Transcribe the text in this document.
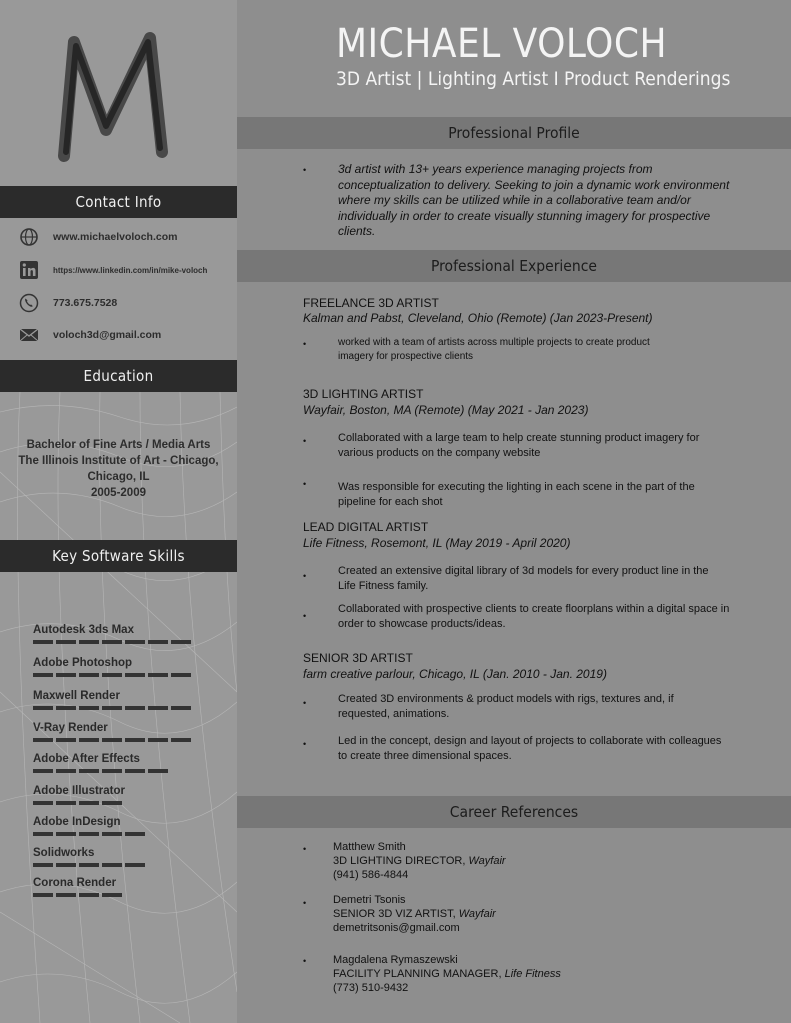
Contact Info
www.michaelvoloch.com
https://www.linkedin.com/in/mike-voloch
773.675.7528
voloch3d@gmail.com
Education
Bachelor of Fine Arts / Media Arts
The Illinois Institute of Art - Chicago,
Chicago, IL
2005-2009
Key Software Skills
Autodesk 3ds Max
Adobe Photoshop
Maxwell Render
V-Ray Render
Adobe After Effects
Adobe Illustrator
Adobe InDesign
Solidworks
Corona Render
MICHAEL VOLOCH
3D Artist | Lighting Artist I Product Renderings
Professional Profile
•	3d artist with 13+ years experience managing projects from conceptualization to delivery. Seeking to join a dynamic work environment where my skills can be utilized while in a collaborative team and/or individually in order to create visually stunning imagery for prospective clients.
Professional Experience
FREELANCE 3D ARTIST
Kalman and Pabst, Cleveland, Ohio (Remote) (Jan 2023-Present)
•	worked with a team of artists across multiple projects to create product imagery for prospective clients
3D LIGHTING ARTIST
Wayfair, Boston, MA (Remote) (May 2021 - Jan 2023)
•	Collaborated with a large team to help create stunning product imagery for various products on the company website
•	Was responsible for executing the lighting in each scene in the part of the pipeline for each shot
LEAD DIGITAL ARTIST
Life Fitness, Rosemont, IL (May 2019 - April 2020)
•	Created an extensive digital library of 3d models for every product line in the Life Fitness family.
•
Collaborated with prospective clients to create floorplans within a digital space in order to showcase products/ideas.
SENIOR 3D ARTIST
farm creative parlour, Chicago, IL (Jan. 2010 - Jan. 2019)
•	Created 3D environments & product models with rigs, textures and, if requested, animations.
•	Led in the concept, design and layout of projects to collaborate with colleagues to create three dimensional spaces.
Career References
• Matthew Smith
3D LIGHTING DIRECTOR, Wayfair
(941) 586-4844
• Demetri Tsonis
SENIOR 3D VIZ ARTIST, Wayfair
demetritsonis@gmail.com
• Magdalena Rymaszewski
FACILITY PLANNING MANAGER, Life Fitness
(773) 510-9432
